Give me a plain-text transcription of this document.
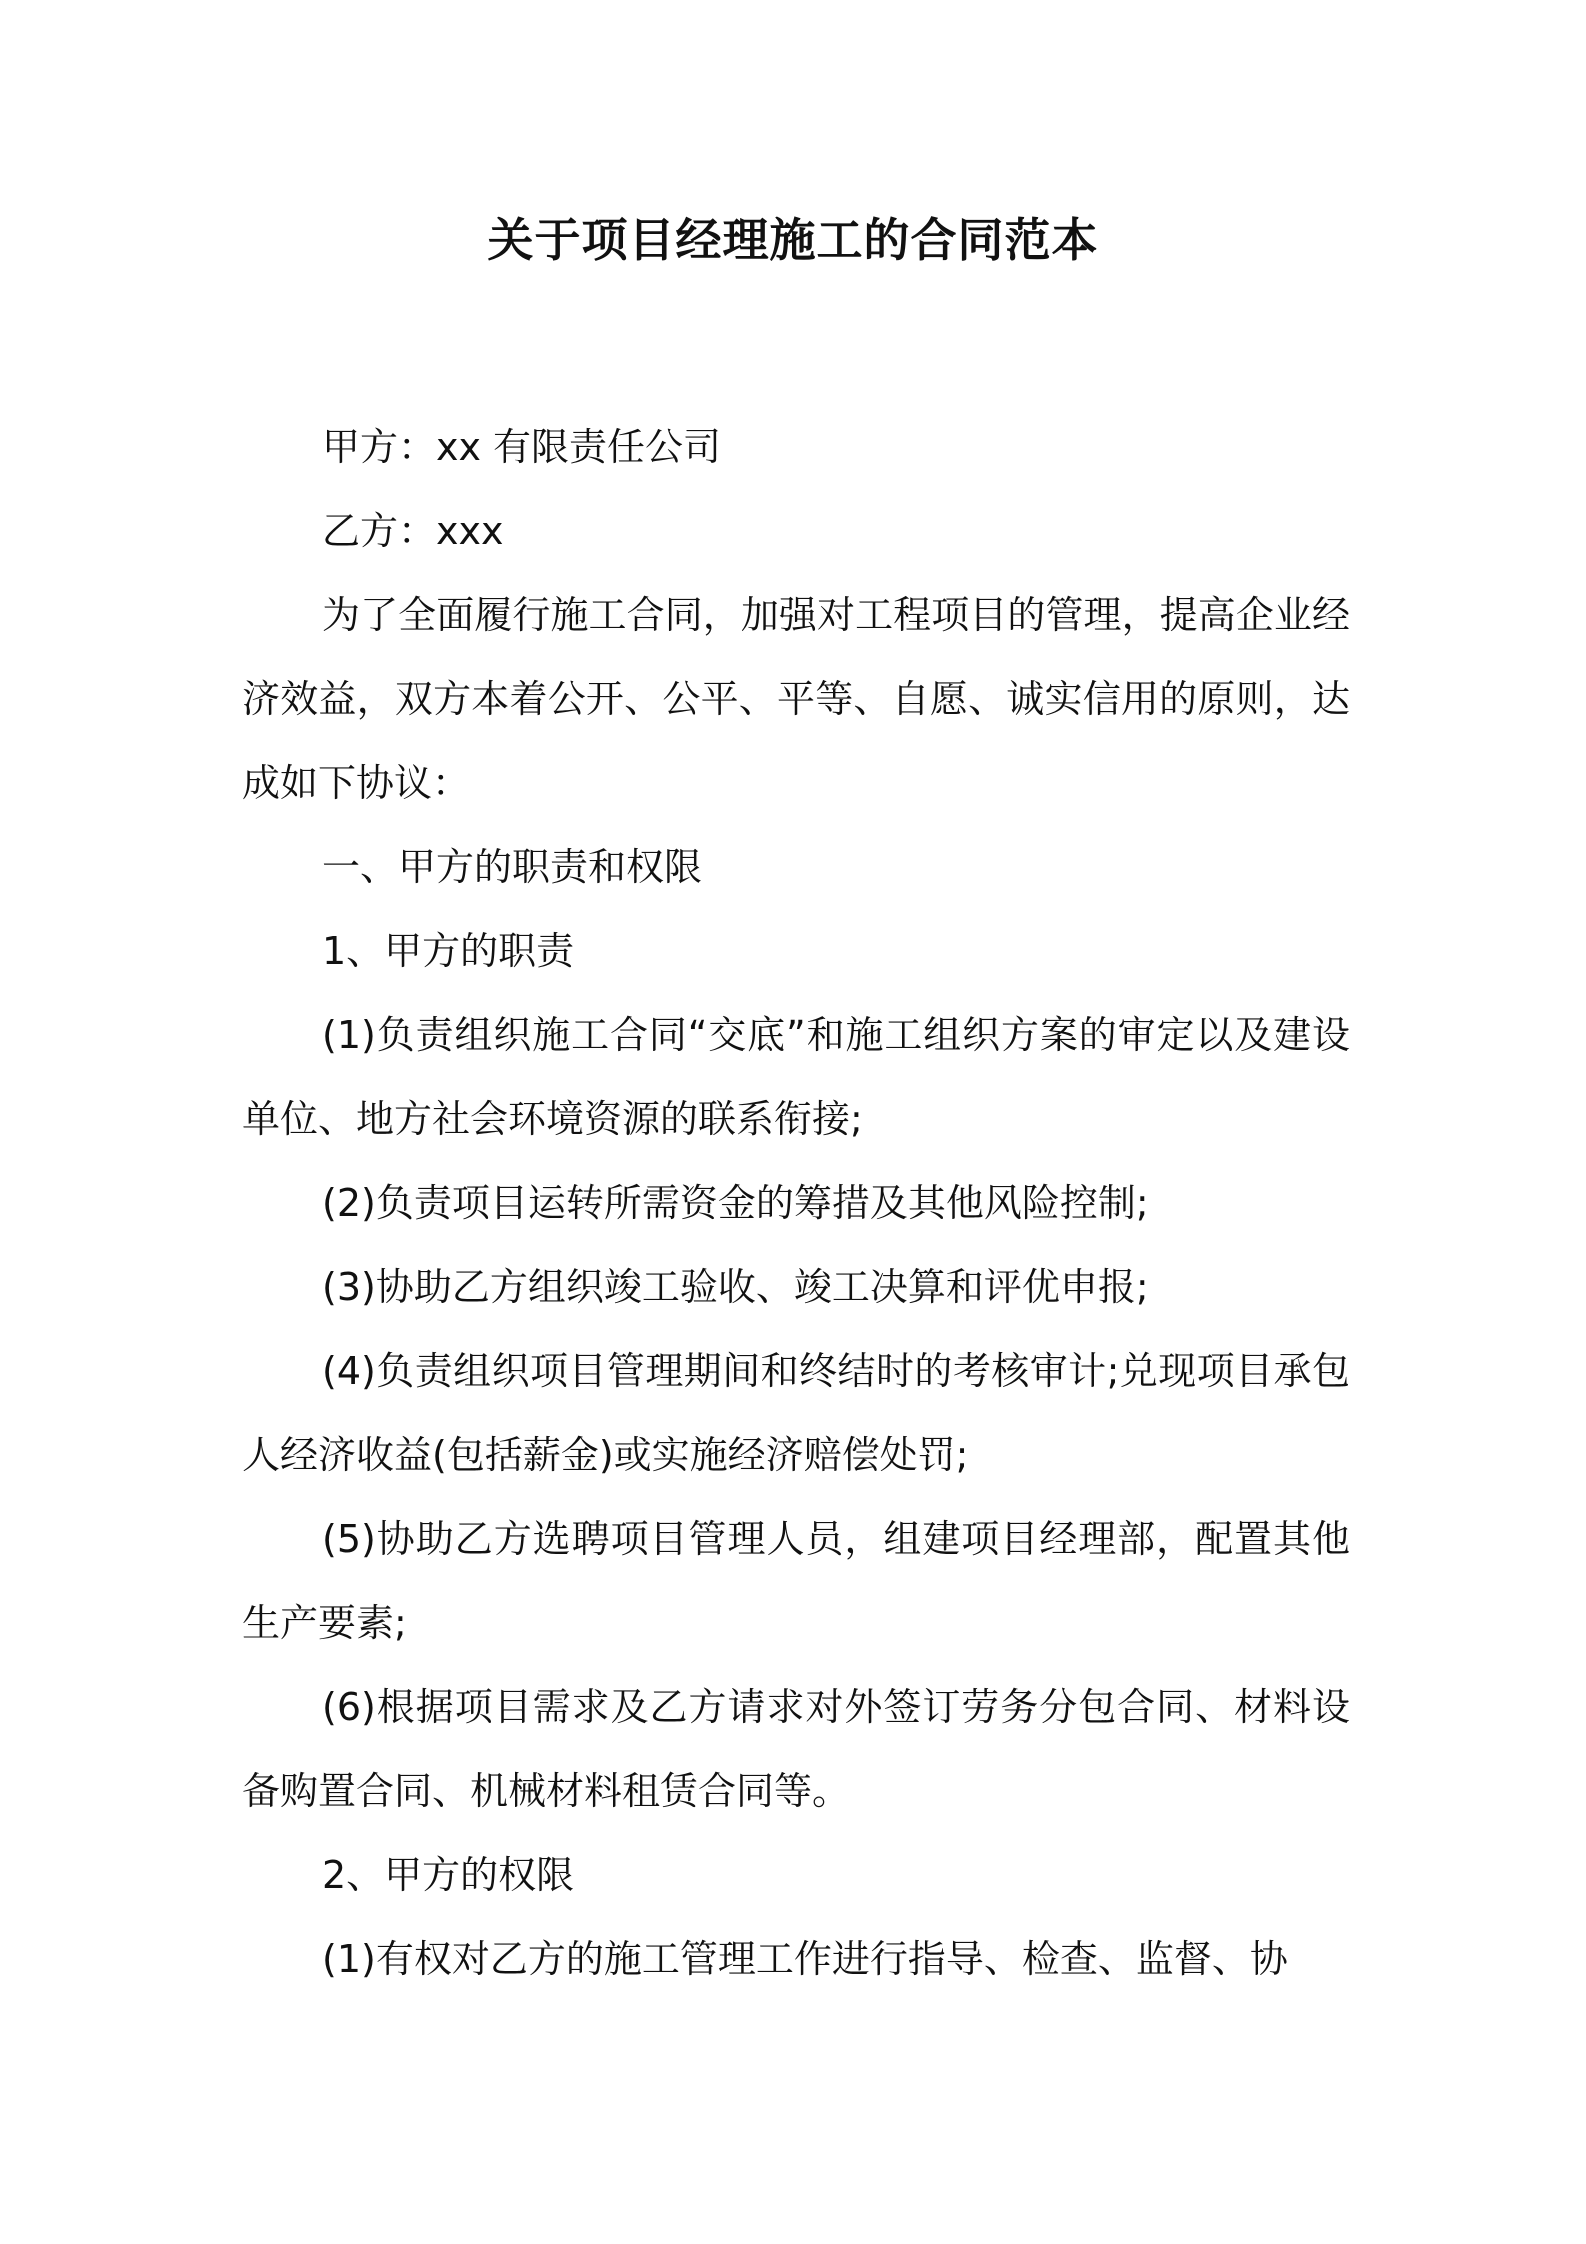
关于项目经理施工的合同范本

甲方：xx 有限责任公司

乙方：xxx

为了全面履行施工合同，加强对工程项目的管理，提高企业经济效益，双方本着公开、公平、平等、自愿、诚实信用的原则，达成如下协议：

一、甲方的职责和权限

1、甲方的职责

(1)负责组织施工合同“交底”和施工组织方案的审定以及建设单位、地方社会环境资源的联系衔接;

(2)负责项目运转所需资金的筹措及其他风险控制;

(3)协助乙方组织竣工验收、竣工决算和评优申报;

(4)负责组织项目管理期间和终结时的考核审计;兑现项目承包人经济收益(包括薪金)或实施经济赔偿处罚;

(5)协助乙方选聘项目管理人员，组建项目经理部，配置其他生产要素;

(6)根据项目需求及乙方请求对外签订劳务分包合同、材料设备购置合同、机械材料租赁合同等。

2、甲方的权限

(1)有权对乙方的施工管理工作进行指导、检查、监督、协
